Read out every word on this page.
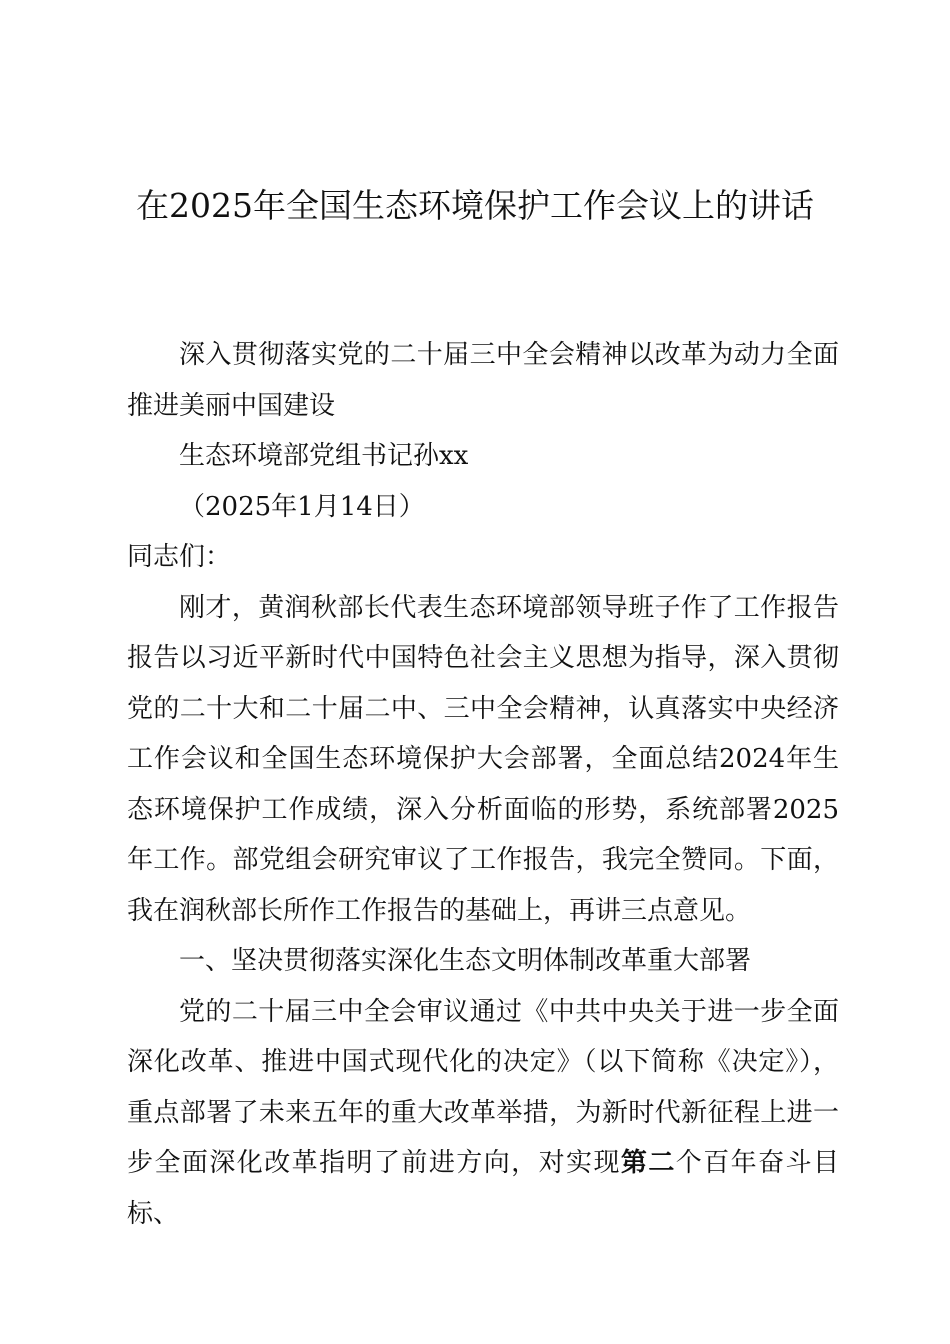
在2025年全国生态环境保护工作会议上的讲话

深入贯彻落实党的二十届三中全会精神以改革为动力全面推进美丽中国建设

生态环境部党组书记孙xx

（2025年1月14日）

同志们：

刚才，黄润秋部长代表生态环境部领导班子作了工作报告报告以习近平新时代中国特色社会主义思想为指导，深入贯彻党的二十大和二十届二中、三中全会精神，认真落实中央经济工作会议和全国生态环境保护大会部署，全面总结2024年生态环境保护工作成绩，深入分析面临的形势，系统部署2025年工作。部党组会研究审议了工作报告，我完全赞同。下面，我在润秋部长所作工作报告的基础上，再讲三点意见。

一、坚决贯彻落实深化生态文明体制改革重大部署

党的二十届三中全会审议通过《中共中央关于进一步全面深化改革、推进中国式现代化的决定》（以下简称《决定》），重点部署了未来五年的重大改革举措，为新时代新征程上进一步全面深化改革指明了前进方向，对实现第二个百年奋斗目标、
